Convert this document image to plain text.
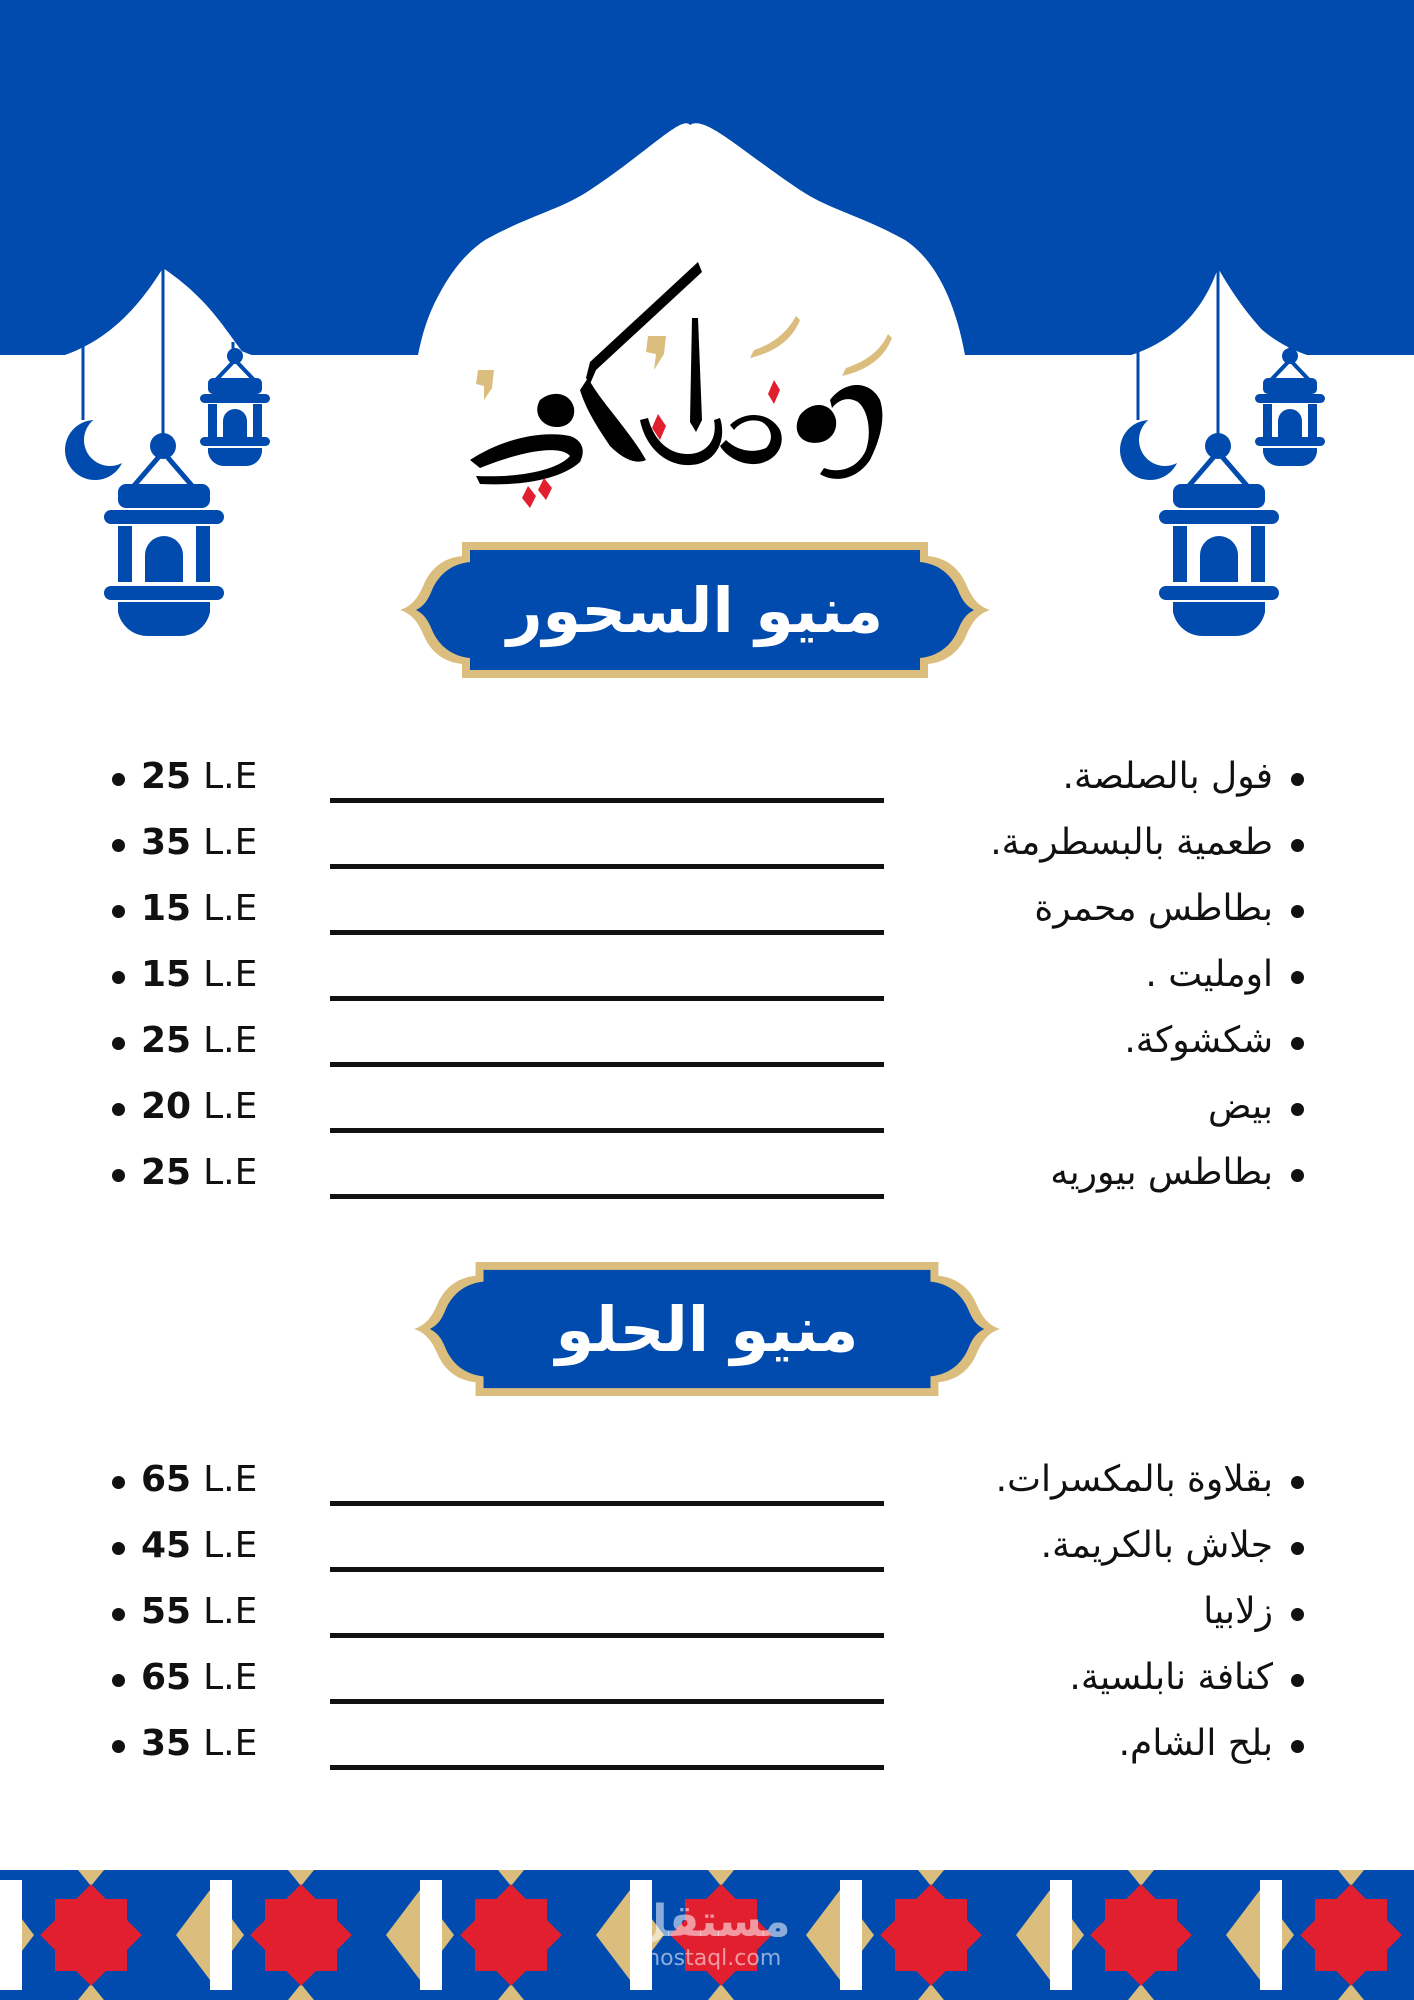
منيو السحور
25 L.E	فول بالصلصة.
35 L.E	طعمية بالبسطرمة.
15 L.E	بطاطس محمرة
15 L.E	اومليت .
25 L.E	شكشوكة.
20 L.E	بيض
25 L.E	بطاطس بيوريه
منيو الحلو
65 L.E	بقلاوة بالمكسرات.
45 L.E	جلاش بالكريمة.
55 L.E	زلابيا
65 L.E	كنافة نابلسية.
35 L.E	بلح الشام.
مستقل
mostaql.com
